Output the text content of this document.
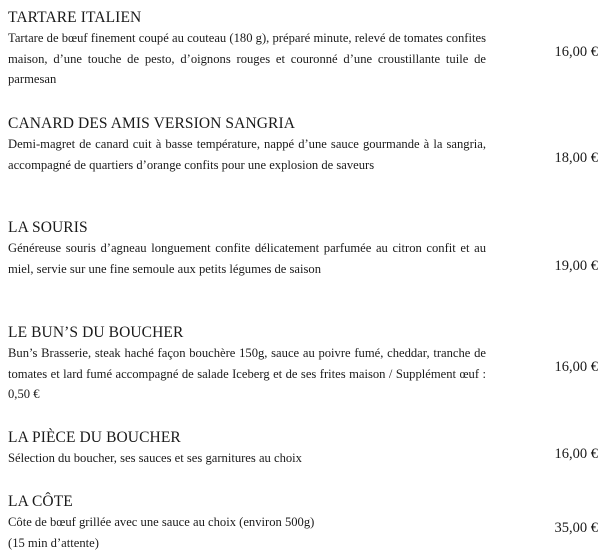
TARTARE ITALIEN

Tartare de bœuf finement coupé au couteau (180 g), préparé minute, relevé de tomates confites maison, d’une touche de pesto, d’oignons rouges et couronné d’une croustillante tuile de parmesan

16,00 €
CANARD DES AMIS VERSION SANGRIA

Demi-magret de canard cuit à basse température, nappé d’une sauce gourmande à la sangria, accompagné de quartiers d’orange confits pour une explosion de saveurs	18,00 €
LA SOURIS

Généreuse souris d’agneau longuement confite délicatement parfumée au citron confit et au miel, servie sur une fine semoule aux petits légumes de saison	19,00 €
LE BUN’S DU BOUCHER

Bun’s Brasserie, steak haché façon bouchère 150g, sauce au poivre fumé, cheddar, tranche de tomates et lard fumé accompagné de salade Iceberg et de ses frites maison / Supplément œuf : 0,50 €

16,00 €
LA PIÈCE DU BOUCHER

Sélection du boucher, ses sauces et ses garnitures au choix	16,00 €
LA CÔTE

Côte de bœuf grillée avec une sauce au choix (environ 500g)

(15 min d’attente)

35,00 €
